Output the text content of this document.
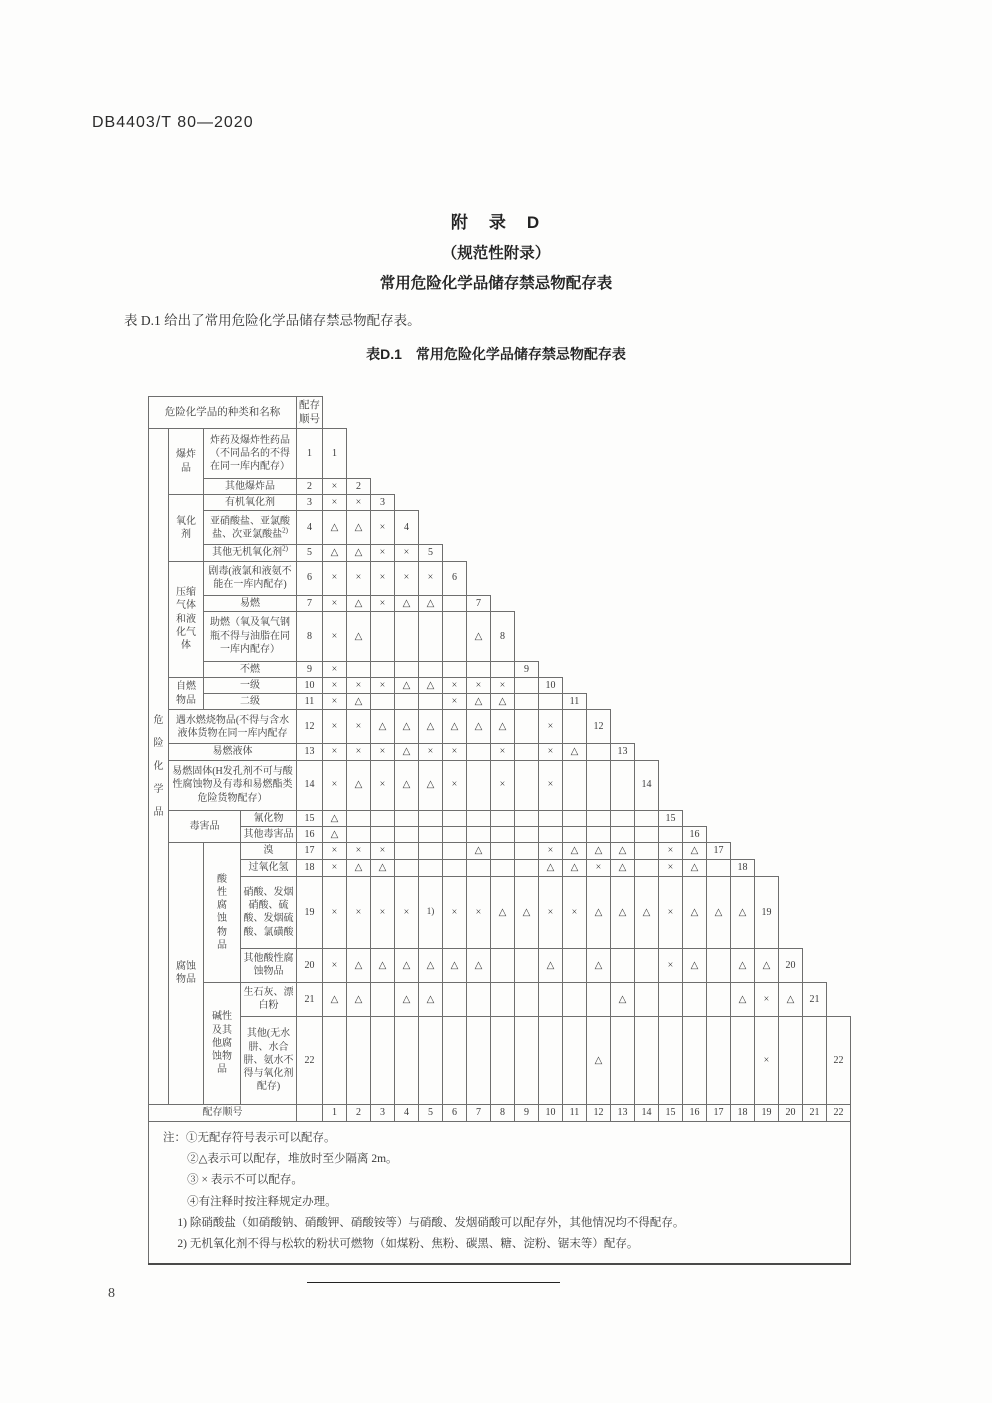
DB4403/T 80—2020
附　录　D
（规范性附录）
常用危险化学品储存禁忌物配存表
表 D.1 给出了常用危险化学品储存禁忌物配存表。
表D.1　常用危险化学品储存禁忌物配存表
危险化学品的种类和名称				配存顺号																						
危险化学品	爆炸品	炸药及爆炸性药品（不同品名的不得在同一库内配存）		1	1																					
		其他爆炸品		2	×	2																				
	氧化剂	有机氧化剂		3	×	×	3																			
		亚硝酸盐、亚氯酸盐、次亚氯酸盐$^{2)}$		4	△	△	×	4																		
		其他无机氧化剂$^{2)}$		5	△	△	×	×	5																	
	压缩气体和液化气体	剧毒(液氯和液氨不能在一库内配存)		6	×	×	×	×	×	6																
		易燃		7	×	△	×	△	△		7															
		助燃（氧及氧气钢瓶不得与油脂在同一库内配存）		8	×	△					△	8														
		不燃		9	×								9													
	自燃物品	一级		10	×	×	×	△	△	×	×	×		10												
		二级		11	×	△				×	△	△			11											
	遇水燃烧物品(不得与含水液体货物在同一库内配存			12	×	×	△	△	△	△	△	△		×		12										
	易燃液体			13	×	×	×	△	×	×		×		×	△		13									
	易燃固体(H发孔剂不可与酸性腐蚀物及有毒和易燃酯类危险货物配存）			14	×	△	×	△	△	×		×		×				14								
	毒害品		氰化物	15	△														15							
			其他毒害品	16	△															16						
	腐蚀物品	酸性腐蚀物品	溴	17	×	×	×				△			×	△	△	△		×	△	17					
			过氧化氢	18	×	△	△							△	△	×	△		×	△		18				
			硝酸、发烟硝酸、硫酸、发烟硫酸、氯磺酸	19	×	×	×	×	1)	×	×	△	△	×	×	△	△	△	×	△	△	△	19			
			其他酸性腐蚀物品	20	×	△	△	△	△	△	△			△		△			×	△		△	△	20		
		碱性及其他腐蚀物品	生石灰、漂白粉	21	△	△		△	△								△					△	×	△	21	
			其他(无水肼、水合肼、氨水不得与氧化剂配存)	22												△							×			22
配存顺号					1	2	3	4	5	6	7	8	9	10	11	12	13	14	15	16	17	18	19	20	21	22

注：①无配存符号表示可以配存。
②△表示可以配存，堆放时至少隔离 2m。
③ × 表示不可以配存。
④有注释时按注释规定办理。
1) 除硝酸盐（如硝酸钠、硝酸钾、硝酸铵等）与硝酸、发烟硝酸可以配存外，其他情况均不得配存。
2) 无机氧化剂不得与松软的粉状可燃物（如煤粉、焦粉、碳黑、糖、淀粉、锯末等）配存。
8
